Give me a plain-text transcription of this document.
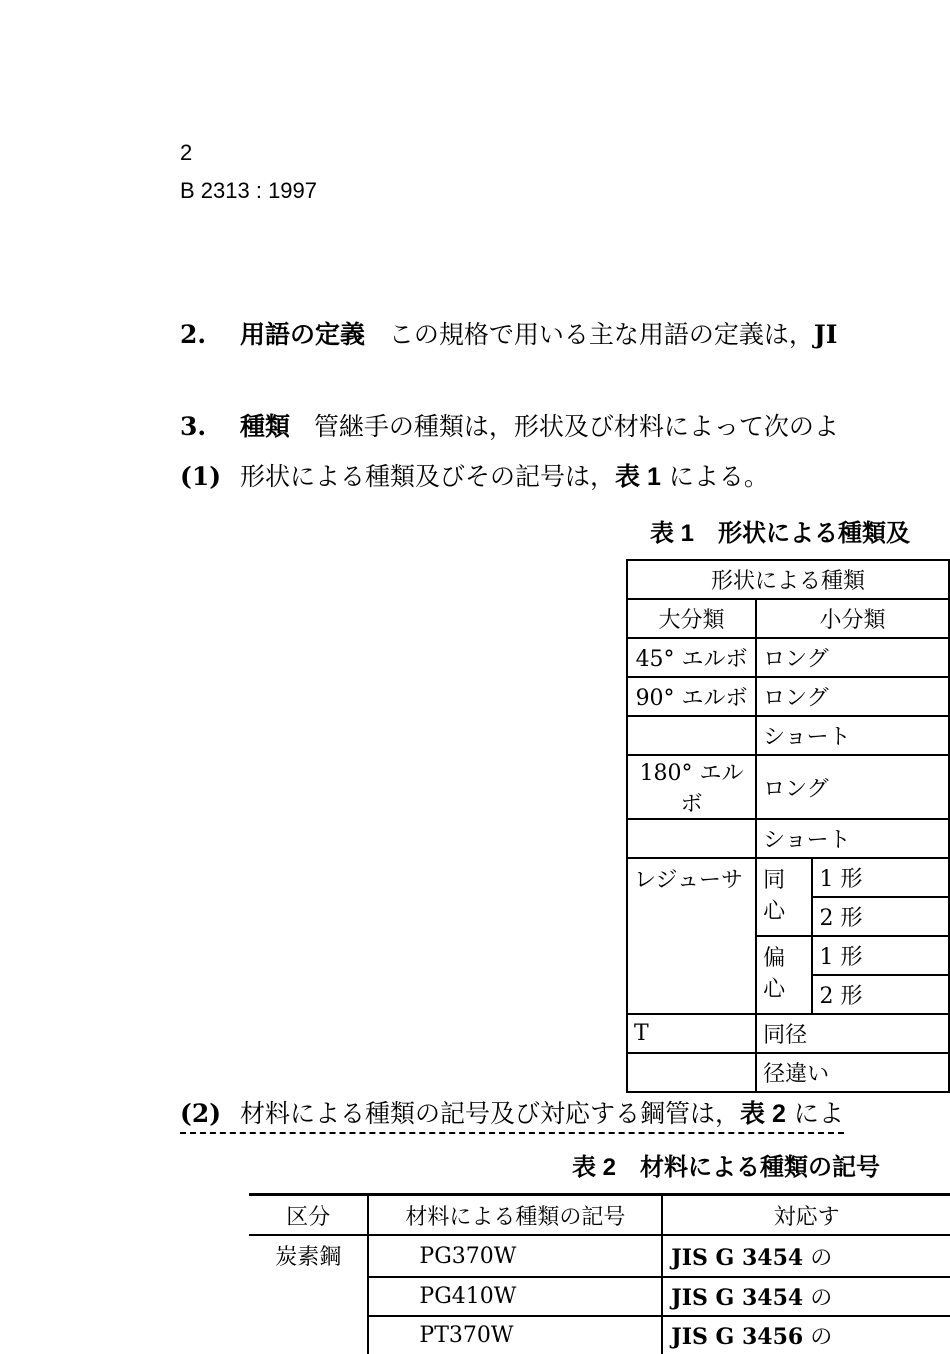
2
B 2313 : 1997
2. 用語の定義 この規格で用いる主な用語の定義は，JI
3. 種類 管継手の種類は，形状及び材料によって次のよ
(1) 形状による種類及びその記号は，表 1 による。
表 1　形状による種類及
形状による種類		
大分類	小分類	
45° エルボ	ロング	
90° エルボ	ロング	
	ショート	
180° エルボ	ロング	
	ショート	
レジューサ	同心	1 形
		2 形
	偏心	1 形
		2 形
T	同径	
	径違い	
(2) 材料による種類の記号及び対応する鋼管は，表 2 によ
表 2　材料による種類の記号
区分	材料による種類の記号	対応す
炭素鋼	PG370W	JIS G 3454 の
	PG410W	JIS G 3454 の
	PT370W	JIS G 3456 の
